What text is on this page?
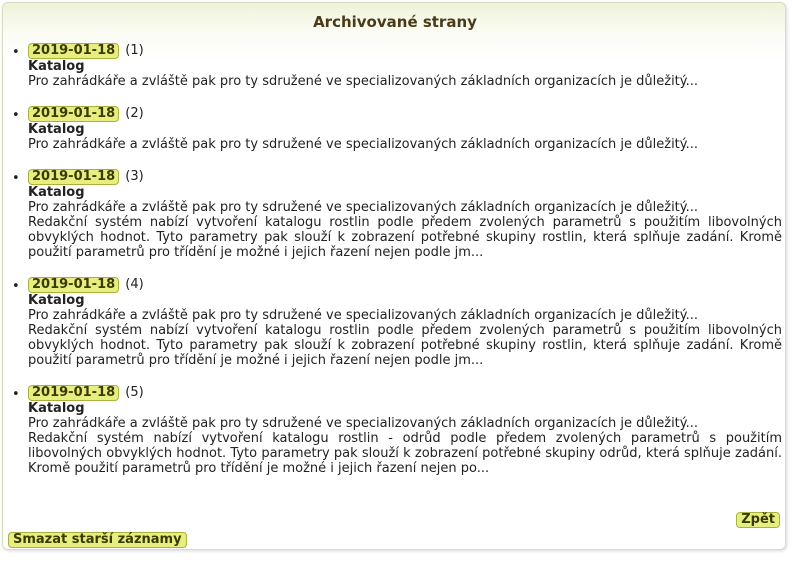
Archivované strany
• 2019-01-18 (1)
Katalog
Pro zahrádkáře a zvláště pak pro ty sdružené ve specializovaných základních organizacích je důležitý...
• 2019-01-18 (2)
Katalog
Pro zahrádkáře a zvláště pak pro ty sdružené ve specializovaných základních organizacích je důležitý...
• 2019-01-18 (3)
Katalog
Pro zahrádkáře a zvláště pak pro ty sdružené ve specializovaných základních organizacích je důležitý...
Redakční systém nabízí vytvoření katalogu rostlin podle předem zvolených parametrů s použitím libovolných obvyklých hodnot. Tyto parametry pak slouží k zobrazení potřebné skupiny rostlin, která splňuje zadání. Kromě použití parametrů pro třídění je možné i jejich řazení nejen podle jm...
• 2019-01-18 (4)
Katalog
Pro zahrádkáře a zvláště pak pro ty sdružené ve specializovaných základních organizacích je důležitý...
Redakční systém nabízí vytvoření katalogu rostlin podle předem zvolených parametrů s použitím libovolných obvyklých hodnot. Tyto parametry pak slouží k zobrazení potřebné skupiny rostlin, která splňuje zadání. Kromě použití parametrů pro třídění je možné i jejich řazení nejen podle jm...
• 2019-01-18 (5)
Katalog
Pro zahrádkáře a zvláště pak pro ty sdružené ve specializovaných základních organizacích je důležitý...
Redakční systém nabízí vytvoření katalogu rostlin - odrůd podle předem zvolených parametrů s použitím libovolných obvyklých hodnot. Tyto parametry pak slouží k zobrazení potřebné skupiny odrůd, která splňuje zadání. Kromě použití parametrů pro třídění je možné i jejich řazení nejen po...
Zpět
Smazat starší záznamy
